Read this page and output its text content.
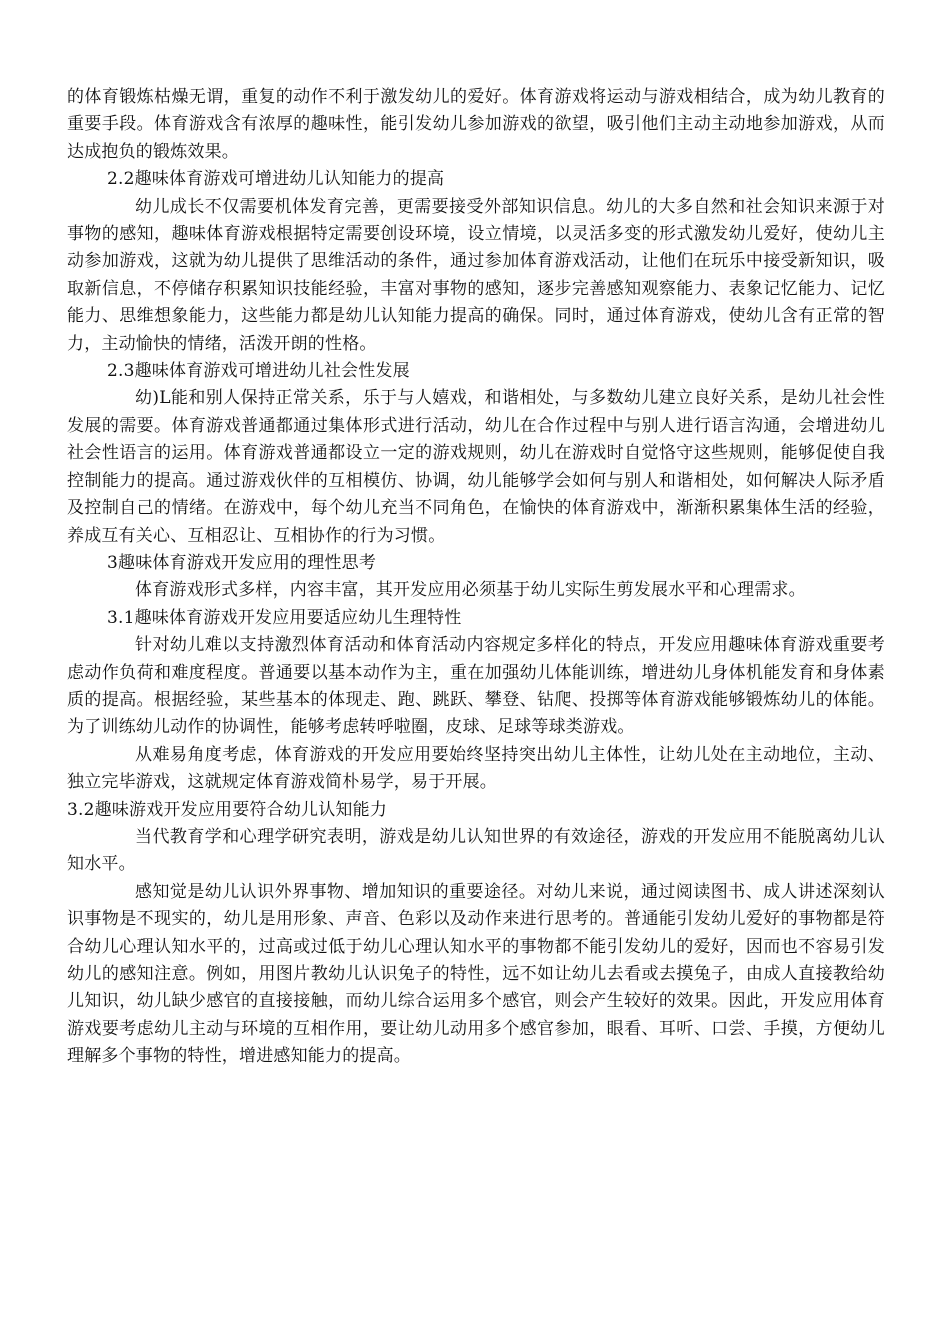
的体育锻炼枯燥无谓，重复的动作不利于激发幼儿的爱好。体育游戏将运动与游戏相结合，成为幼儿教育的重要手段。体育游戏含有浓厚的趣味性，能引发幼儿参加游戏的欲望，吸引他们主动主动地参加游戏，从而达成抱负的锻炼效果。

2.2趣味体育游戏可增进幼儿认知能力的提高

幼儿成长不仅需要机体发育完善，更需要接受外部知识信息。幼儿的大多自然和社会知识来源于对事物的感知，趣味体育游戏根据特定需要创设环境，设立情境，以灵活多变的形式激发幼儿爱好，使幼儿主动参加游戏，这就为幼儿提供了思维活动的条件，通过参加体育游戏活动，让他们在玩乐中接受新知识，吸取新信息，不停储存积累知识技能经验，丰富对事物的感知，逐步完善感知观察能力、表象记忆能力、记忆能力、思维想象能力，这些能力都是幼儿认知能力提高的确保。同时，通过体育游戏，使幼儿含有正常的智力，主动愉快的情绪，活泼开朗的性格。

2.3趣味体育游戏可增进幼儿社会性发展

幼)L能和别人保持正常关系，乐于与人嬉戏，和谐相处，与多数幼儿建立良好关系，是幼儿社会性发展的需要。体育游戏普通都通过集体形式进行活动，幼儿在合作过程中与别人进行语言沟通，会增进幼儿社会性语言的运用。体育游戏普通都设立一定的游戏规则，幼儿在游戏时自觉恪守这些规则，能够促使自我控制能力的提高。通过游戏伙伴的互相模仿、协调，幼儿能够学会如何与别人和谐相处，如何解决人际矛盾及控制自己的情绪。在游戏中，每个幼儿充当不同角色，在愉快的体育游戏中，渐渐积累集体生活的经验，养成互有关心、互相忍让、互相协作的行为习惯。

3趣味体育游戏开发应用的理性思考

体育游戏形式多样，内容丰富，其开发应用必须基于幼儿实际生剪发展水平和心理需求。

3.1趣味体育游戏开发应用要适应幼儿生理特性

针对幼儿难以支持激烈体育活动和体育活动内容规定多样化的特点，开发应用趣味体育游戏重要考虑动作负荷和难度程度。普通要以基本动作为主，重在加强幼儿体能训练，增进幼儿身体机能发育和身体素质的提高。根据经验，某些基本的体现走、跑、跳跃、攀登、钻爬、投掷等体育游戏能够锻炼幼儿的体能。为了训练幼儿动作的协调性，能够考虑转呼啦圈，皮球、足球等球类游戏。

从难易角度考虑，体育游戏的开发应用要始终坚持突出幼儿主体性，让幼儿处在主动地位，主动、独立完毕游戏，这就规定体育游戏简朴易学，易于开展。

3.2趣味游戏开发应用要符合幼儿认知能力

当代教育学和心理学研究表明，游戏是幼儿认知世界的有效途径，游戏的开发应用不能脱离幼儿认知水平。

感知觉是幼儿认识外界事物、增加知识的重要途径。对幼儿来说，通过阅读图书、成人讲述深刻认识事物是不现实的，幼儿是用形象、声音、色彩以及动作来进行思考的。普通能引发幼儿爱好的事物都是符合幼儿心理认知水平的，过高或过低于幼儿心理认知水平的事物都不能引发幼儿的爱好，因而也不容易引发幼儿的感知注意。例如，用图片教幼儿认识兔子的特性，远不如让幼儿去看或去摸兔子，由成人直接教给幼儿知识，幼儿缺少感官的直接接触，而幼儿综合运用多个感官，则会产生较好的效果。因此，开发应用体育游戏要考虑幼儿主动与环境的互相作用，要让幼儿动用多个感官参加，眼看、耳听、口尝、手摸，方便幼儿理解多个事物的特性，增进感知能力的提高。
